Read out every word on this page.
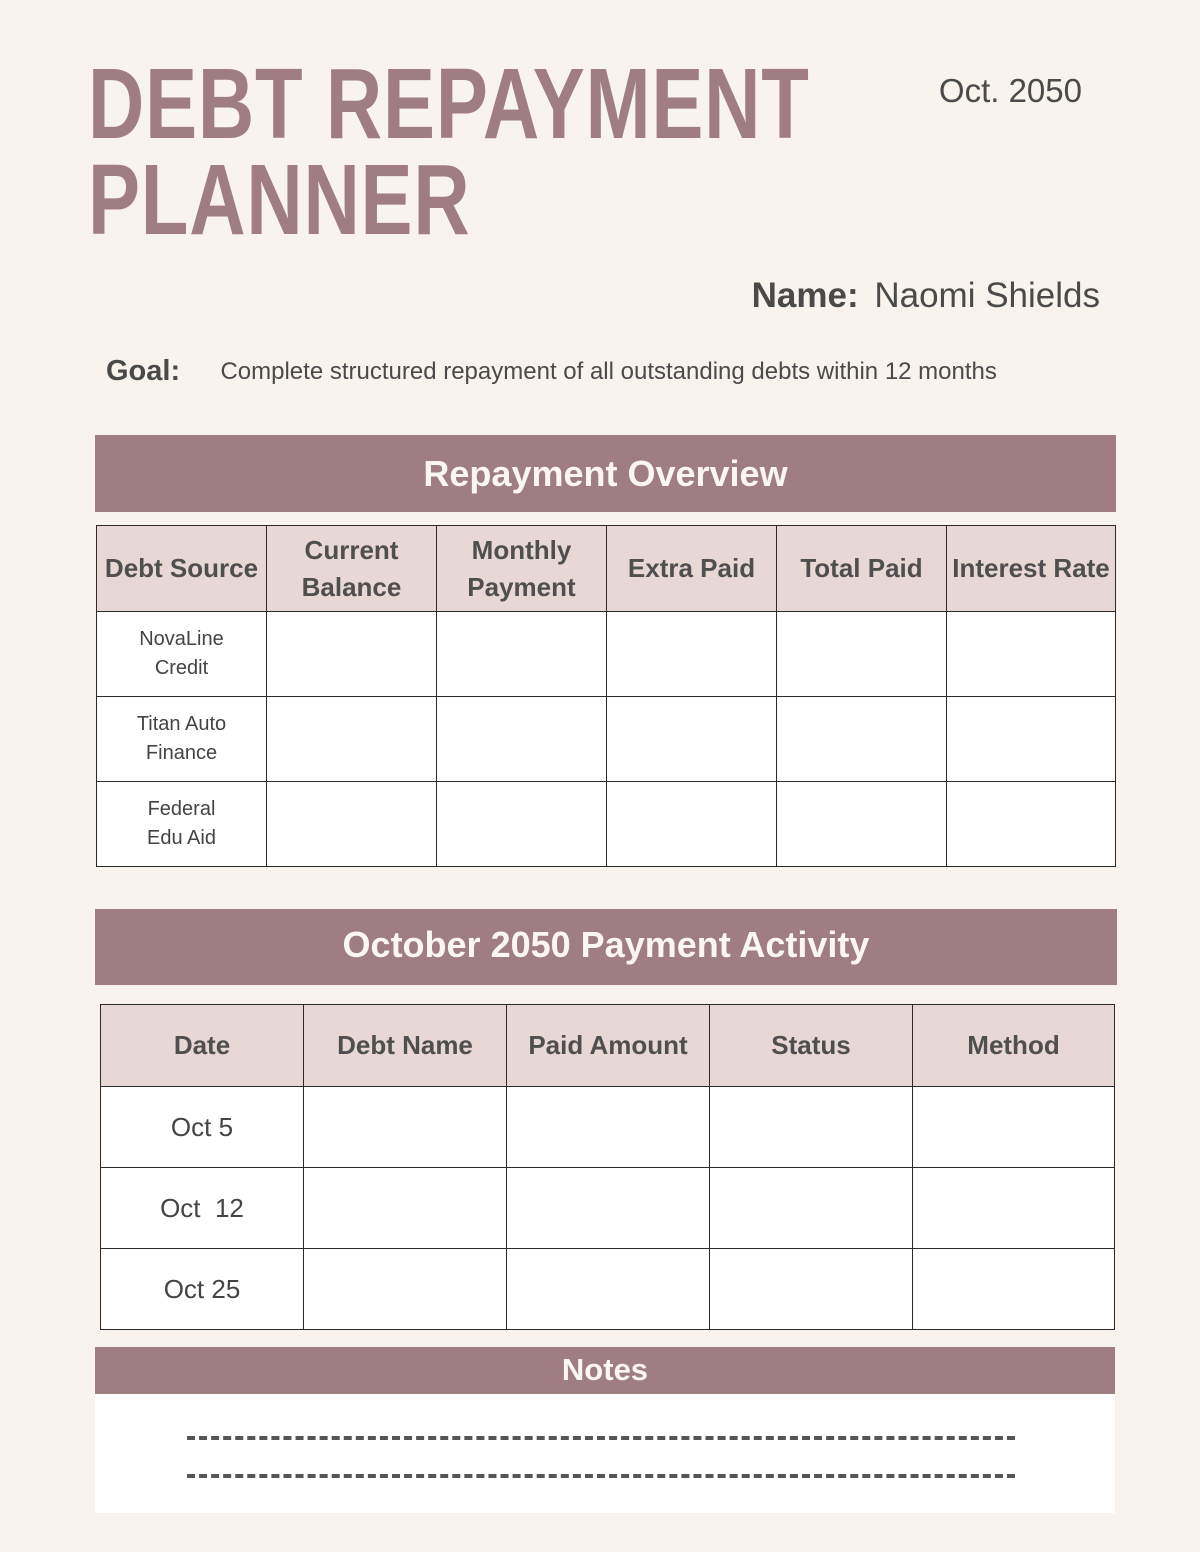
DEBT REPAYMENT
PLANNER
Oct. 2050
Name: Naomi Shields
Goal: Complete structured repayment of all outstanding debts within 12 months
Repayment Overview
Debt Source	Current Balance	Monthly Payment	Extra Paid	Total Paid	Interest Rate
NovaLine Credit					
Titan Auto Finance					
Federal Edu Aid					
October 2050 Payment Activity
Date	Debt Name	Paid Amount	Status	Method
Oct 5				
Oct  12				
Oct 25				
Notes
